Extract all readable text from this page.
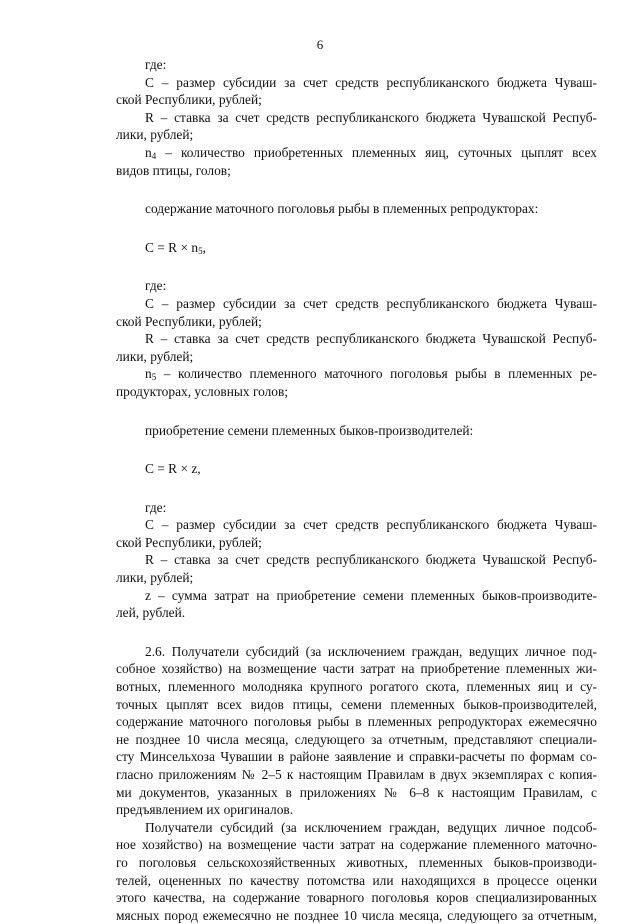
6
где:
С – размер субсидии за счет средств республиканского бюджета Чуваш-
ской Республики, рублей;
R – ставка за счет средств республиканского бюджета Чувашской Респуб-
лики, рублей;
$n_4$ – количество приобретенных племенных яиц, суточных цыплят всех
видов птицы, голов;
содержание маточного поголовья рыбы в племенных репродукторах:
$С = R \times n_5$,
где:
С – размер субсидии за счет средств республиканского бюджета Чуваш-
ской Республики, рублей;
R – ставка за счет средств республиканского бюджета Чувашской Респуб-
лики, рублей;
$n_5$ – количество племенного маточного поголовья рыбы в племенных ре-
продукторах, условных голов;
приобретение семени племенных быков-производителей:
С = R × z,
где:
С – размер субсидии за счет средств республиканского бюджета Чуваш-
ской Республики, рублей;
R – ставка за счет средств республиканского бюджета Чувашской Респуб-
лики, рублей;
z – сумма затрат на приобретение семени племенных быков-производите-
лей, рублей.
2.6. Получатели субсидий (за исключением граждан, ведущих личное под-
собное хозяйство) на возмещение части затрат на приобретение племенных жи-
вотных, племенного молодняка крупного рогатого скота, племенных яиц и су-
точных цыплят всех видов птицы, семени племенных быков-производителей,
содержание маточного поголовья рыбы в племенных репродукторах ежемесячно
не позднее 10 числа месяца, следующего за отчетным, представляют специали-
сту Минсельхоза Чувашии в районе заявление и справки-расчеты по формам со-
гласно приложениям № 2–5 к настоящим Правилам в двух экземплярах с копия-
ми документов, указанных в приложениях № 6–8 к настоящим Правилам, с
предъявлением их оригиналов.
Получатели субсидий (за исключением граждан, ведущих личное подсоб-
ное хозяйство) на возмещение части затрат на содержание племенного маточно-
го поголовья сельскохозяйственных животных, племенных быков-производи-
телей, оцененных по качеству потомства или находящихся в процессе оценки
этого качества, на содержание товарного поголовья коров специализированных
мясных пород ежемесячно не позднее 10 числа месяца, следующего за отчетным,
